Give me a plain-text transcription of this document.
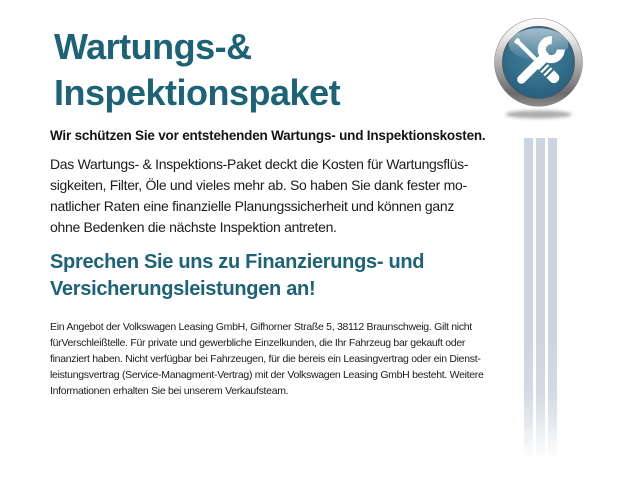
Wartungs-&
Inspektionspaket
Wir schützen Sie vor entstehenden Wartungs- und Inspektionskosten.
Das Wartungs- & Inspektions-Paket deckt die Kosten für Wartungsflüs-
sigkeiten, Filter, Öle und vieles mehr ab. So haben Sie dank fester mo-
natlicher Raten eine finanzielle Planungssicherheit und können ganz
ohne Bedenken die nächste Inspektion antreten.
Sprechen Sie uns zu Finanzierungs- und
Versicherungsleistungen an!
Ein Angebot der Volkswagen Leasing GmbH, Gifhorner Straße 5, 38112 Braunschweig. Gilt nicht
fürVerschleißtelle. Für private und gewerbliche Einzelkunden, die Ihr Fahrzeug bar gekauft oder
finanziert haben. Nicht verfügbar bei Fahrzeugen, für die bereis ein Leasingvertrag oder ein Dienst-
leistungsvertrag (Service-Managment-Vertrag) mit der Volkswagen Leasing GmbH besteht. Weitere
Informationen erhalten Sie bei unserem Verkaufsteam.
